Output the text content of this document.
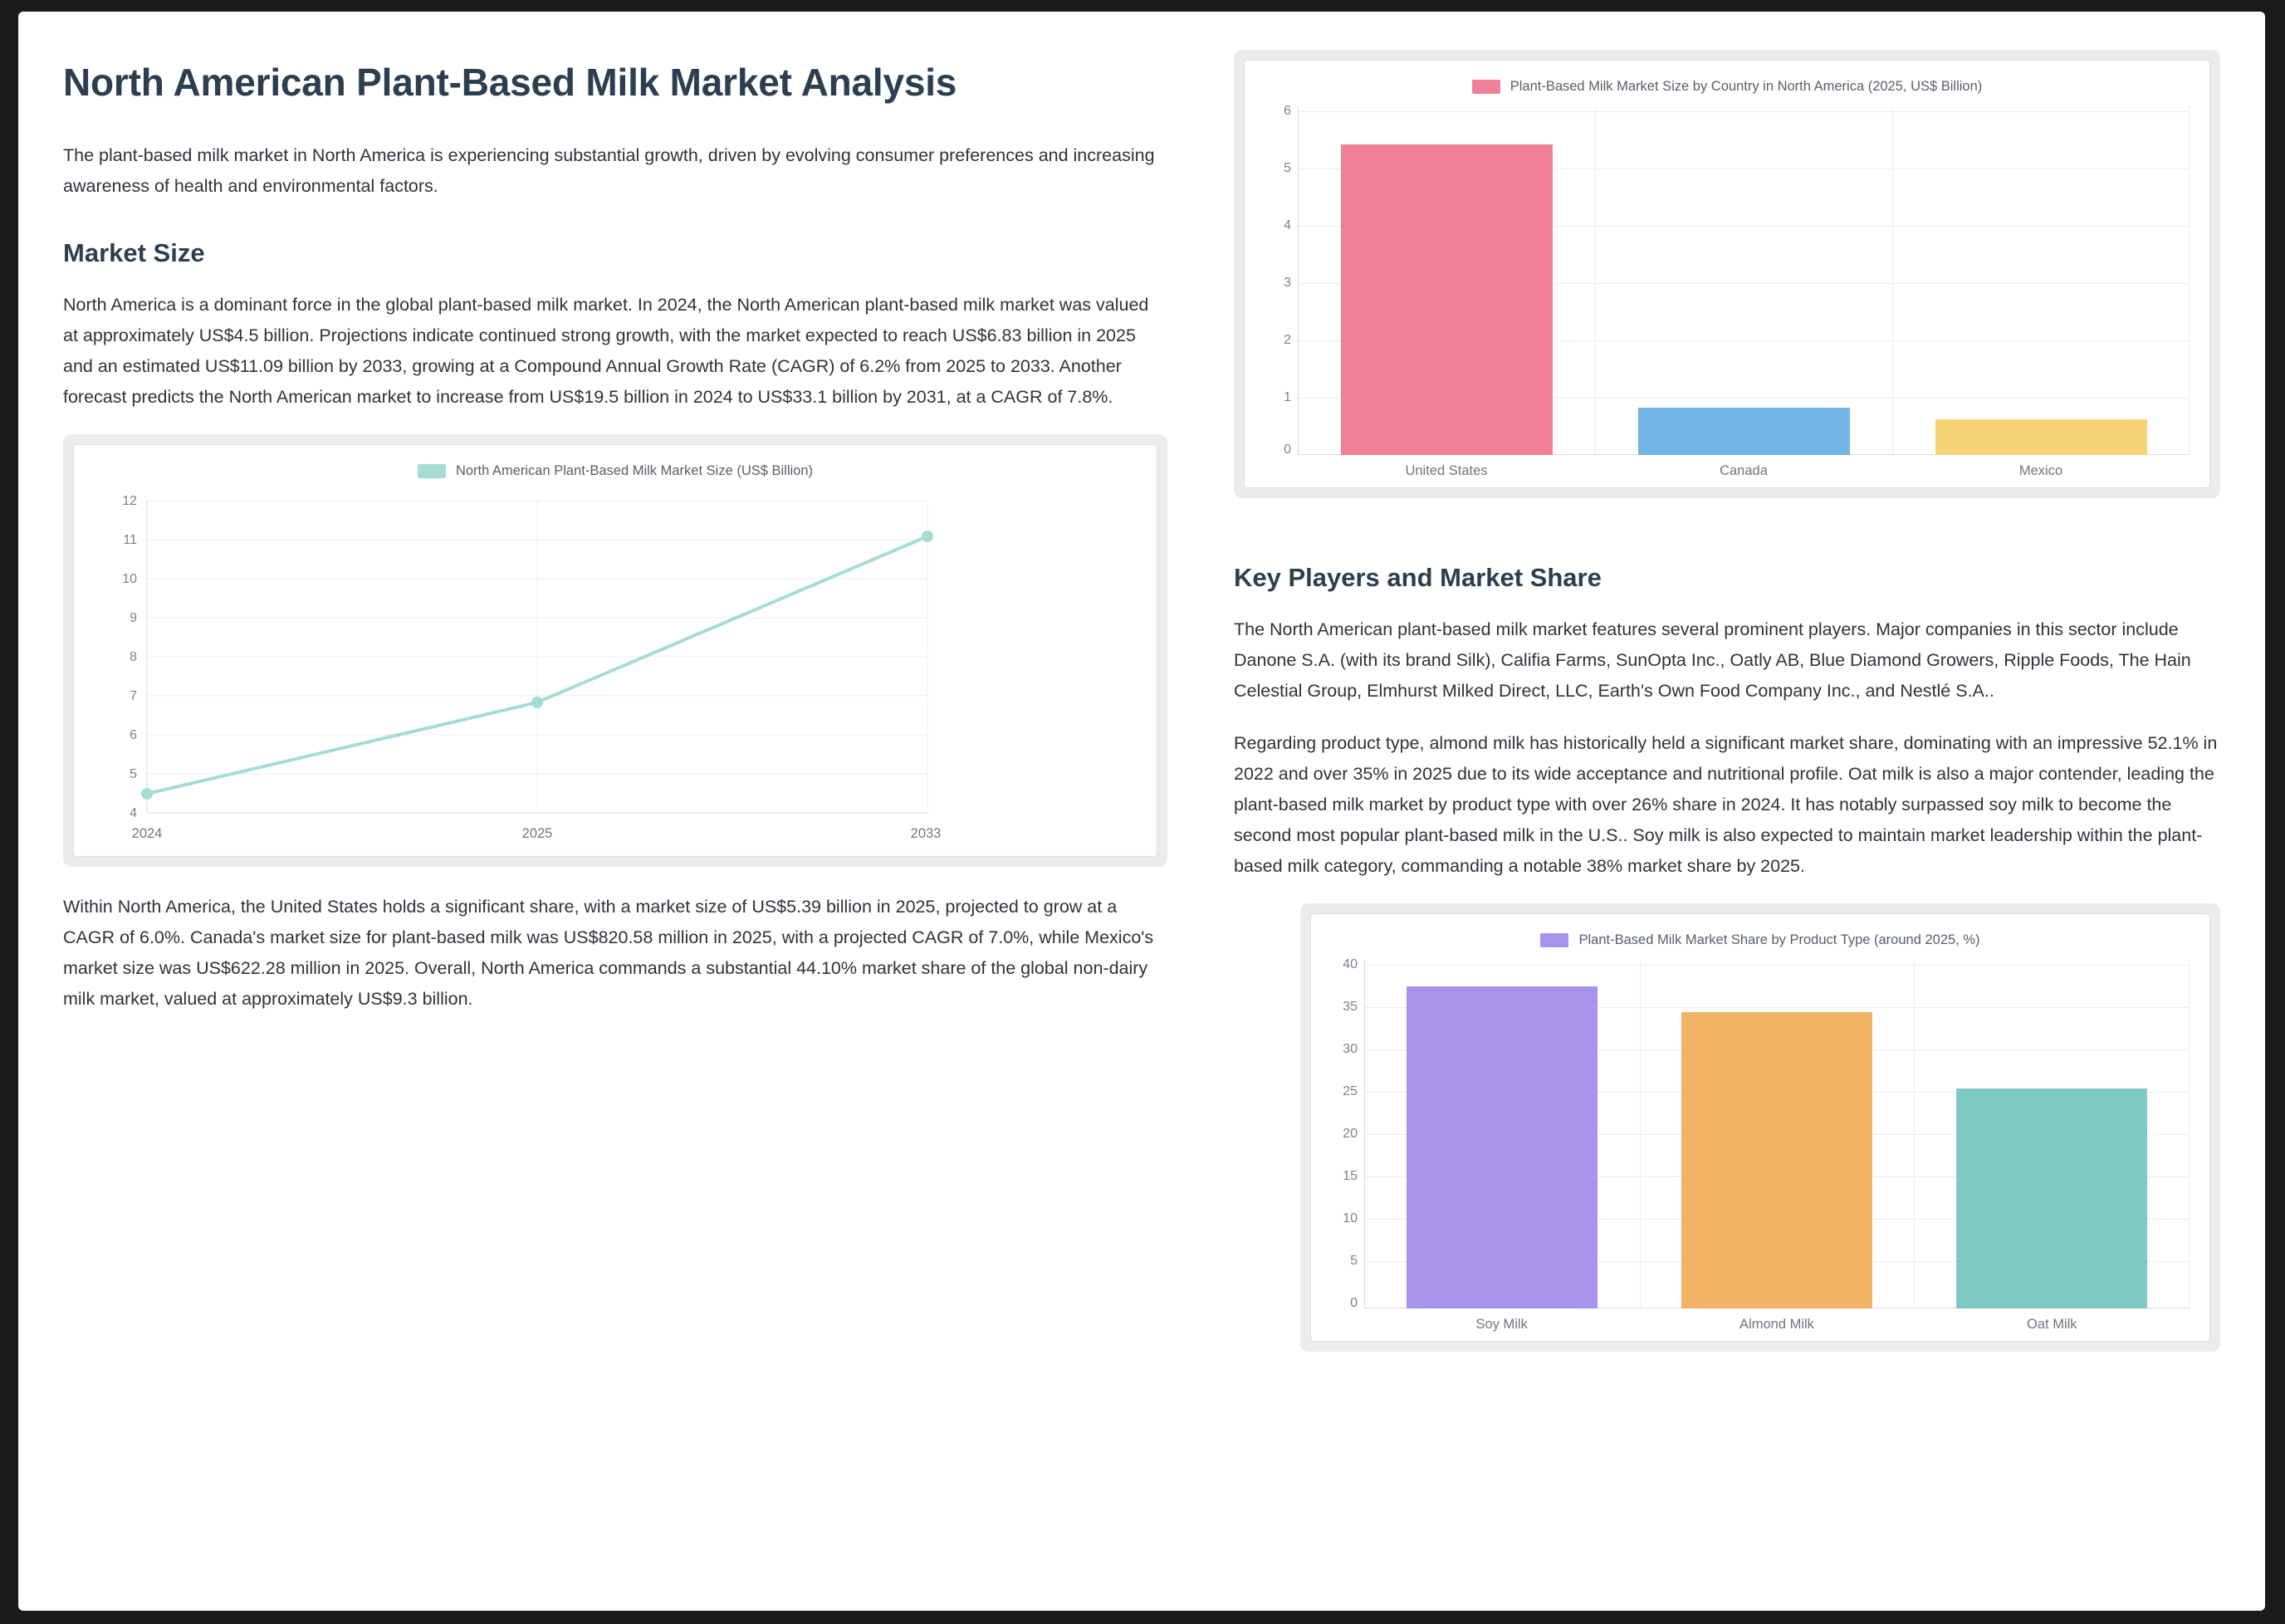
North American Plant-Based Milk Market Analysis

The plant-based milk market in North America is experiencing substantial growth, driven by evolving consumer preferences and increasing awareness of health and environmental factors.

Market Size

North America is a dominant force in the global plant-based milk market. In 2024, the North American plant-based milk market was valued at approximately US$4.5 billion. Projections indicate continued strong growth, with the market expected to reach US$6.83 billion in 2025 and an estimated US$11.09 billion by 2033, growing at a Compound Annual Growth Rate (CAGR) of 6.2% from 2025 to 2033. Another forecast predicts the North American market to increase from US$19.5 billion in 2024 to US$33.1 billion by 2031, at a CAGR of 7.8%.

North American Plant-Based Milk Market Size (US$ Billion)
12
11
10
9
8
7
6
5
4
2024	2025	2033

Within North America, the United States holds a significant share, with a market size of US$5.39 billion in 2025, projected to grow at a CAGR of 6.0%. Canada's market size for plant-based milk was US$820.58 million in 2025, with a projected CAGR of 7.0%, while Mexico's market size was US$622.28 million in 2025. Overall, North America commands a substantial 44.10% market share of the global non-dairy milk market, valued at approximately US$9.3 billion.

Plant-Based Milk Market Size by Country in North America (2025, US$ Billion)
6
5
4
3
2
1
0
United States	Canada	Mexico
Key Players and Market Share

The North American plant-based milk market features several prominent players. Major companies in this sector include Danone S.A. (with its brand Silk), Califia Farms, SunOpta Inc., Oatly AB, Blue Diamond Growers, Ripple Foods, The Hain Celestial Group, Elmhurst Milked Direct, LLC, Earth's Own Food Company Inc., and Nestlé S.A..

Regarding product type, almond milk has historically held a significant market share, dominating with an impressive 52.1% in 2022 and over 35% in 2025 due to its wide acceptance and nutritional profile. Oat milk is also a major contender, leading the plant-based milk market by product type with over 26% share in 2024. It has notably surpassed soy milk to become the second most popular plant-based milk in the U.S.. Soy milk is also expected to maintain market leadership within the plant-based milk category, commanding a notable 38% market share by 2025.

Plant-Based Milk Market Share by Product Type (around 2025, %)
40
35
30
25
20
15
10
5
0
Soy Milk	Almond Milk	Oat Milk
